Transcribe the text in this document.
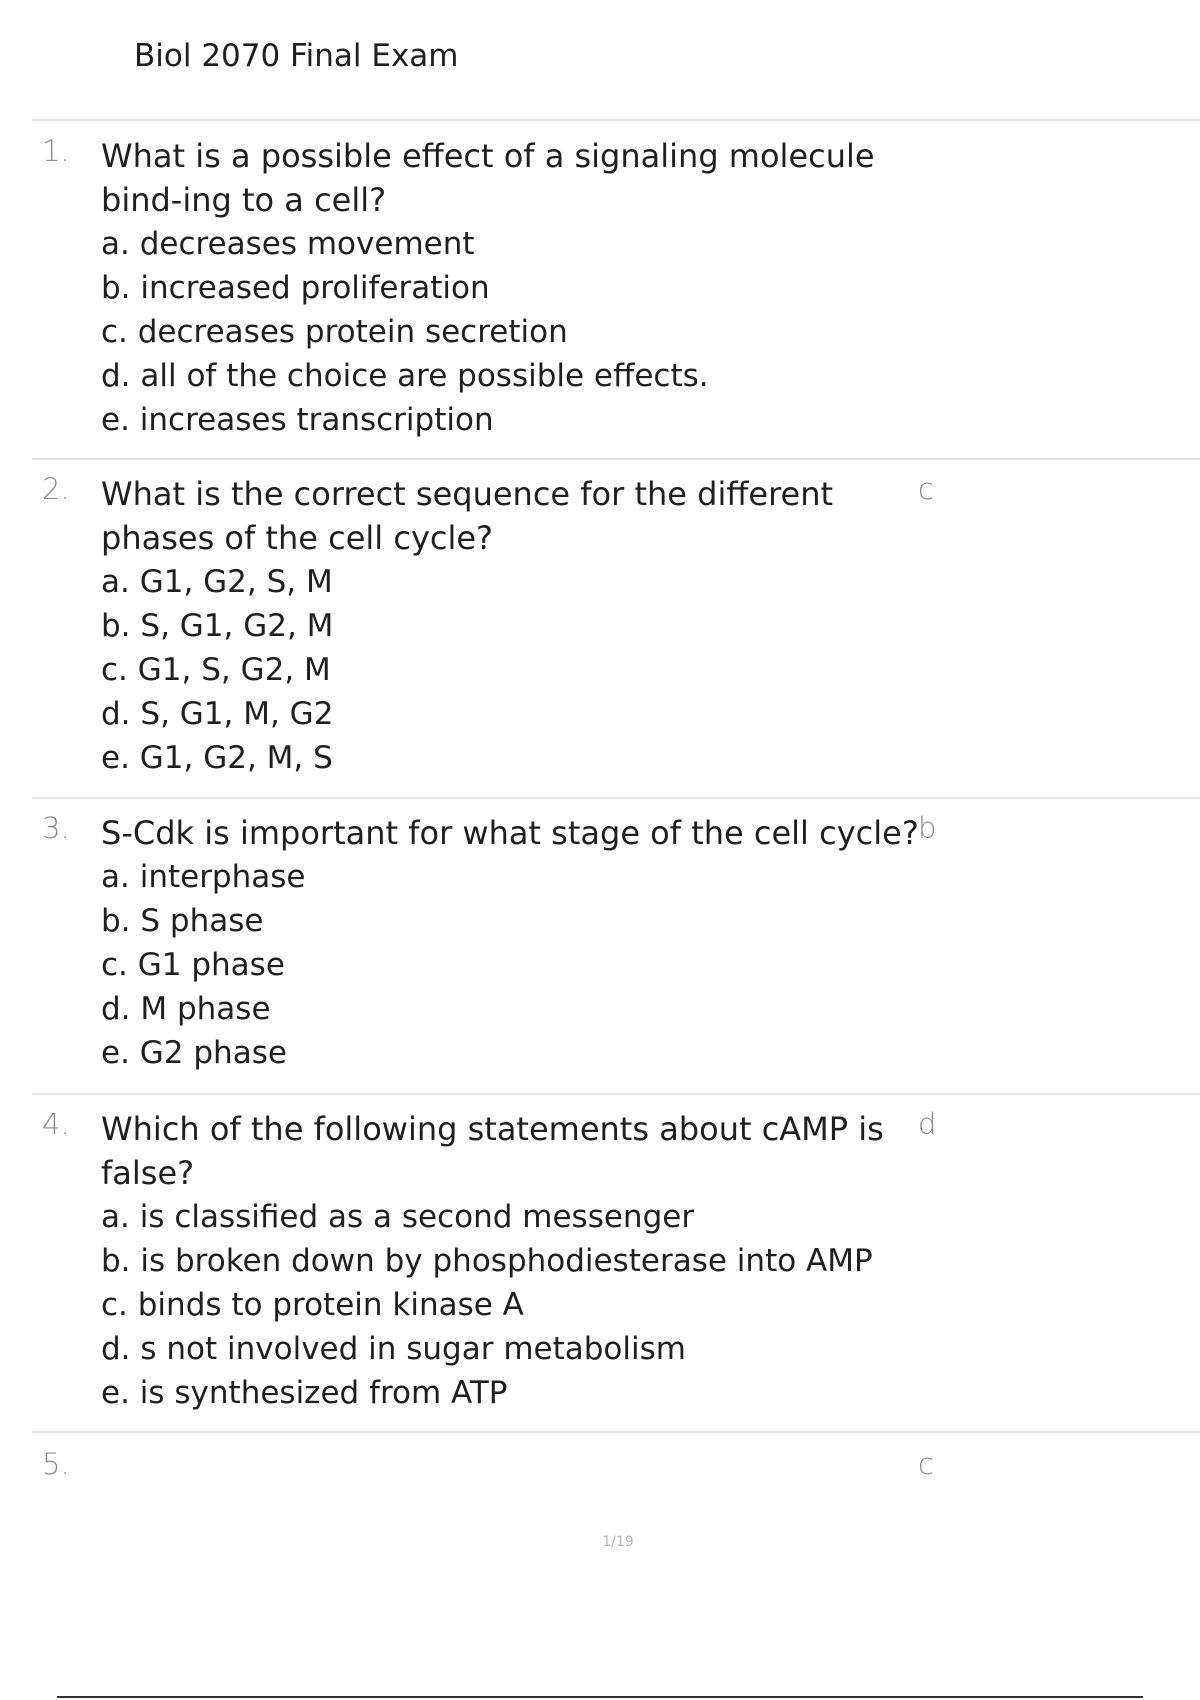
Biol 2070 Final Exam
1. What is a possible effect of a signaling molecule bind-ing to a cell?
a. decreases movement
b. increased proliferation
c. decreases protein secretion
d. all of the choice are possible effects.
e. increases transcription
2. What is the correct sequence for the different phases of the cell cycle?
a. G1, G2, S, M
b. S, G1, G2, M
c. G1, S, G2, M
d. S, G1, M, G2
e. G1, G2, M, S
c
3. S-Cdk is important for what stage of the cell cycle?
a. interphase
b. S phase
c. G1 phase
d. M phase
e. G2 phase
b
4. Which of the following statements about cAMP is false?
a. is classified as a second messenger
b. is broken down by phosphodiesterase into AMP
c. binds to protein kinase A
d. s not involved in sugar metabolism
e. is synthesized from ATP
d
5.	c
1/19
